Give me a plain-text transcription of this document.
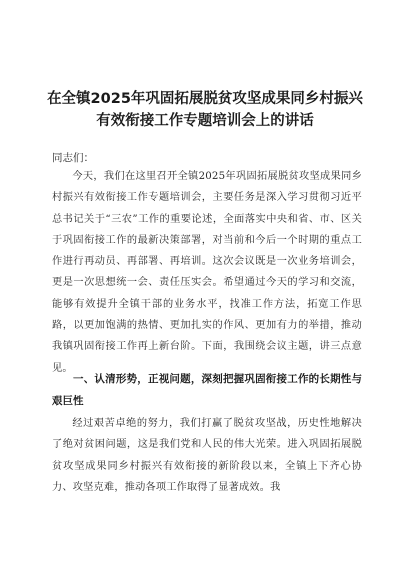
在全镇2025年巩固拓展脱贫攻坚成果同乡村振兴
有效衔接工作专题培训会上的讲话
同志们：
今天，我们在这里召开全镇2025年巩固拓展脱贫攻坚成果同乡村振兴有效衔接工作专题培训会，主要任务是深入学习贯彻习近平总书记关于“三农”工作的重要论述，全面落实中央和省、市、区关于巩固衔接工作的最新决策部署，对当前和今后一个时期的重点工作进行再动员、再部署、再培训。这次会议既是一次业务培训会，更是一次思想统一会、责任压实会。希望通过今天的学习和交流，能够有效提升全镇干部的业务水平，找准工作方法，拓宽工作思路，以更加饱满的热情、更加扎实的作风、更加有力的举措，推动我镇巩固衔接工作再上新台阶。下面，我围绕会议主题，讲三点意见。
一、认清形势，正视问题，深刻把握巩固衔接工作的长期性与艰巨性
经过艰苦卓绝的努力，我们打赢了脱贫攻坚战，历史性地解决了绝对贫困问题，这是我们党和人民的伟大光荣。进入巩固拓展脱贫攻坚成果同乡村振兴有效衔接的新阶段以来，全镇上下齐心协力、攻坚克难，推动各项工作取得了显著成效。我
